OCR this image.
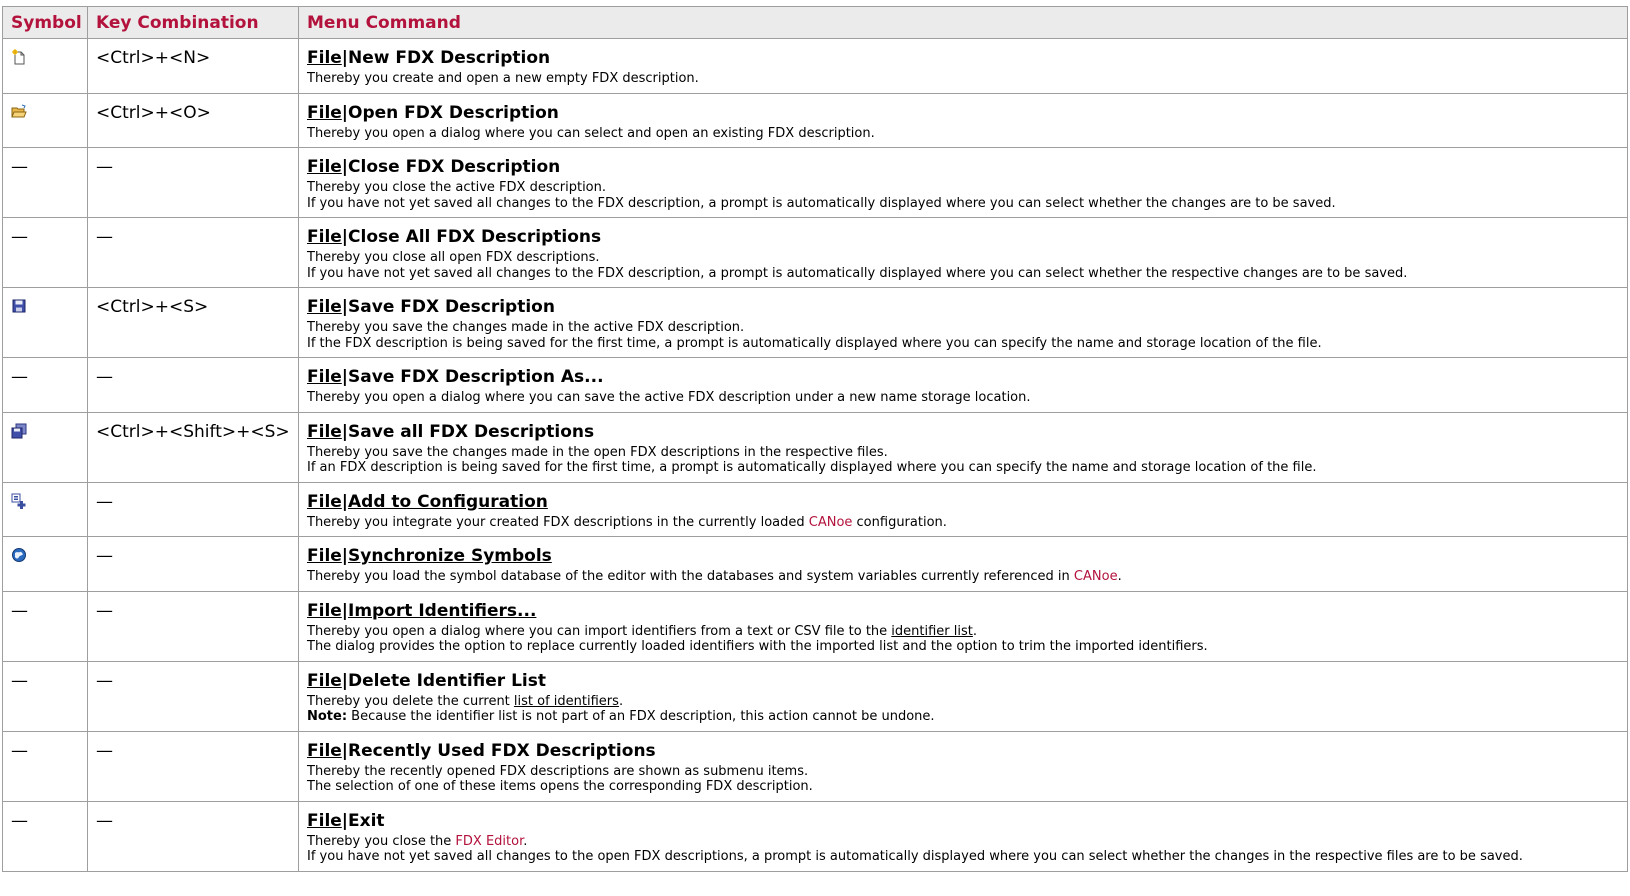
Symbol	Key Combination	Menu Command

	<Ctrl>+<N>	File|New FDX Description
Thereby you create and open a new empty FDX description.

	<Ctrl>+<O>	File|Open FDX Description
Thereby you open a dialog where you can select and open an existing FDX description.

—	—	File|Close FDX Description
Thereby you close the active FDX description.
If you have not yet saved all changes to the FDX description, a prompt is automatically displayed where you can select whether the changes are to be saved.

—	—	File|Close All FDX Descriptions
Thereby you close all open FDX descriptions.
If you have not yet saved all changes to the FDX description, a prompt is automatically displayed where you can select whether the respective changes are to be saved.

	<Ctrl>+<S>	File|Save FDX Description
Thereby you save the changes made in the active FDX description.
If the FDX description is being saved for the first time, a prompt is automatically displayed where you can specify the name and storage location of the file.

—	—	File|Save FDX Description As...
Thereby you open a dialog where you can save the active FDX description under a new name storage location.

	<Ctrl>+<Shift>+<S>	File|Save all FDX Descriptions
Thereby you save the changes made in the open FDX descriptions in the respective files.
If an FDX description is being saved for the first time, a prompt is automatically displayed where you can specify the name and storage location of the file.

	—	File|Add to Configuration
Thereby you integrate your created FDX descriptions in the currently loaded CANoe configuration.

	—	File|Synchronize Symbols
Thereby you load the symbol database of the editor with the databases and system variables currently referenced in CANoe.

—	—	File|Import Identifiers...
Thereby you open a dialog where you can import identifiers from a text or CSV file to the identifier list.
The dialog provides the option to replace currently loaded identifiers with the imported list and the option to trim the imported identifiers.

—	—	File|Delete Identifier List
Thereby you delete the current list of identifiers.
Note: Because the identifier list is not part of an FDX description, this action cannot be undone.

—	—	File|Recently Used FDX Descriptions
Thereby the recently opened FDX descriptions are shown as submenu items.
The selection of one of these items opens the corresponding FDX description.

—	—	File|Exit
Thereby you close the FDX Editor.
If you have not yet saved all changes to the open FDX descriptions, a prompt is automatically displayed where you can select whether the changes in the respective files are to be saved.
